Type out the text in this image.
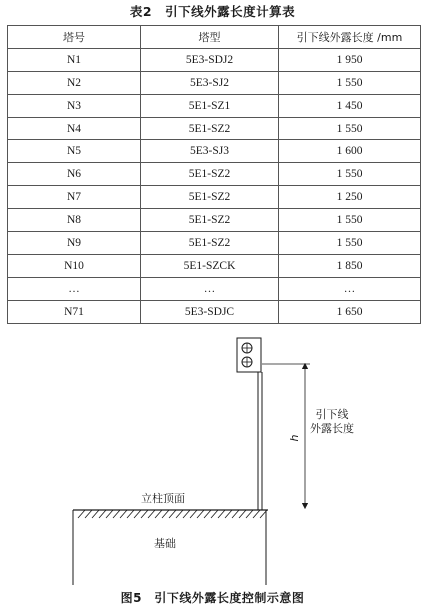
表2　引下线外露长度计算表
塔号	塔型	引下线外露长度 /mm
N1	5E3-SDJ2	1 950
N2	5E3-SJ2	1 550
N3	5E1-SZ1	1 450
N4	5E1-SZ2	1 550
N5	5E3-SJ3	1 600
N6	5E1-SZ2	1 550
N7	5E1-SZ2	1 250
N8	5E1-SZ2	1 550
N9	5E1-SZ2	1 550
N10	5E1-SZCK	1 850
…	…	…
N71	5E3-SDJC	1 650
h
引下线
外露长度
立柱顶面
基础
图5　引下线外露长度控制示意图
